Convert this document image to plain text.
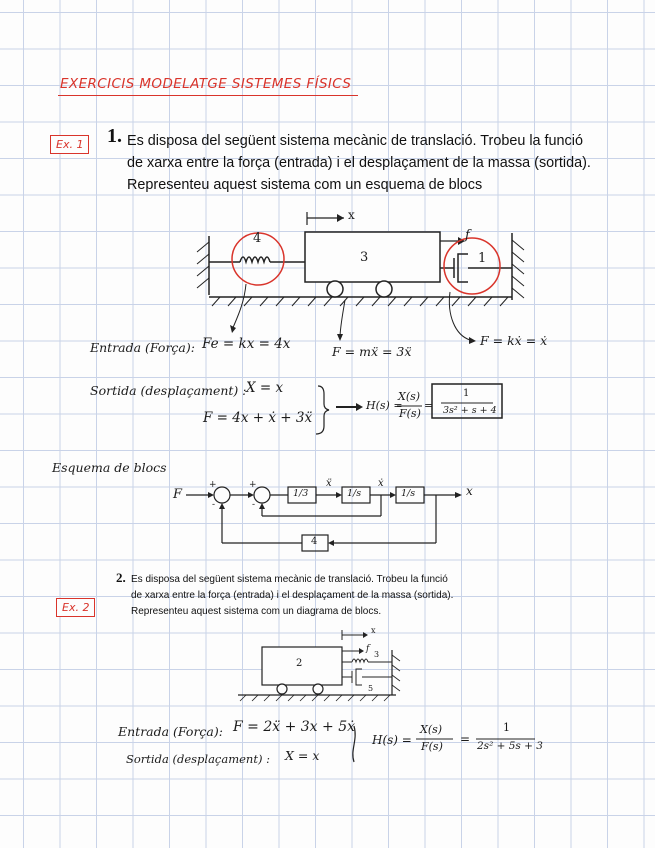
EXERCICIS MODELATGE SISTEMES FÍSICS
Ex. 1	1. Es disposa del següent sistema mecànic de translació. Trobeu la funció
de xarxa entre la força (entrada) i el desplaçament de la massa (sortida).
Representeu aquest sistema com un esquema de blocs
x
f
4
3	1
Entrada (Força): Fe = kx = 4x	F = mẍ = 3ẍ
F = kẋ = ẋ
Sortida (desplaçament) : X = x
F = 4x + ẋ + 3ẍ
H(s) =
X(s)
F(s)
=
1
3s² + s + 4
Esquema de blocs
F	x
+
-
+
-
1/3	1/s	1/s
4
ẍ	ẋ
Ex. 2
2. Es disposa del següent sistema mecànic de translació. Trobeu la funció
de xarxa entre la força (entrada) i el desplaçament de la massa (sortida).
Representeu aquest sistema com un diagrama de blocs.
x
f
2
3
5
Entrada (Força): F = 2ẍ + 3x + 5ẋ
Sortida (desplaçament) : X = x
H(s) =
X(s)
F(s)
=
1
2s² + 5s + 3
